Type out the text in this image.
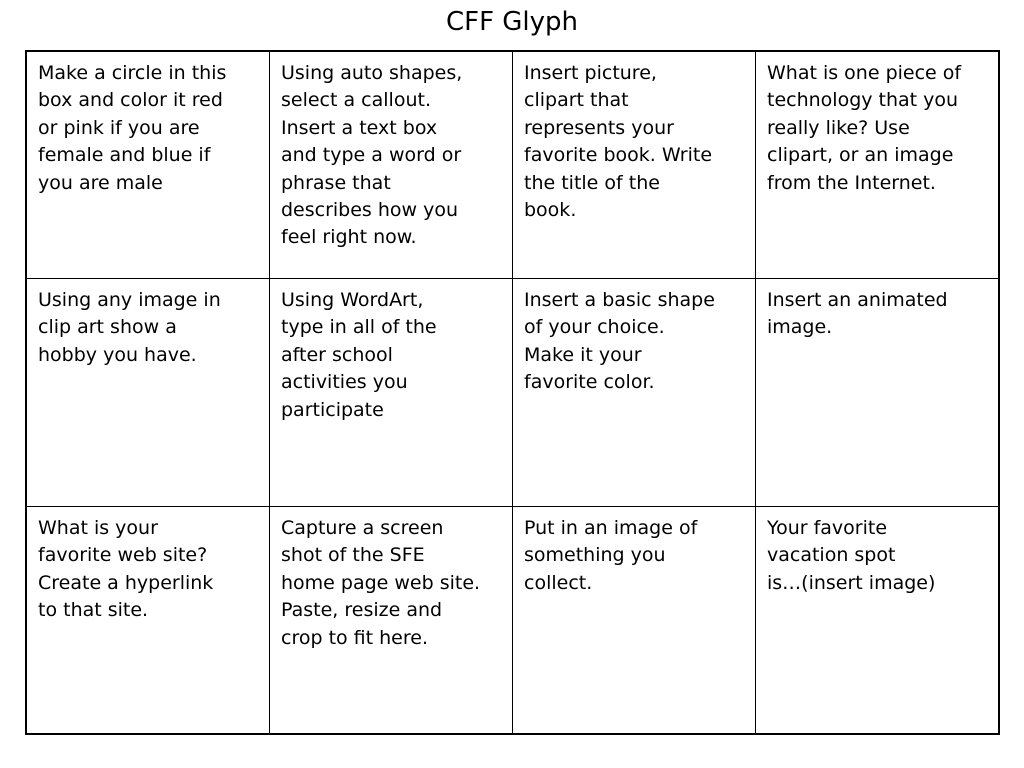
CFF Glyph
Make a circle in this
box and color it red
or pink if you are
female and blue if
you are male
Using auto shapes,
select a callout.
Insert a text box
and type a word or
phrase that
describes how you
feel right now.
Insert picture,
clipart that
represents your
favorite book. Write
the title of the
book.
What is one piece of
technology that you
really like? Use
clipart, or an image
from the Internet.
Using any image in
clip art show a
hobby you have.
Using WordArt,
type in all of the
after school
activities you
participate
Insert a basic shape
of your choice.
Make it your
favorite color.
Insert an animated
image.
What is your
favorite web site?
Create a hyperlink
to that site.
Capture a screen
shot of the SFE
home page web site.
Paste, resize and
crop to fit here.
Put in an image of
something you
collect.
Your favorite
vacation spot
is…(insert image)
